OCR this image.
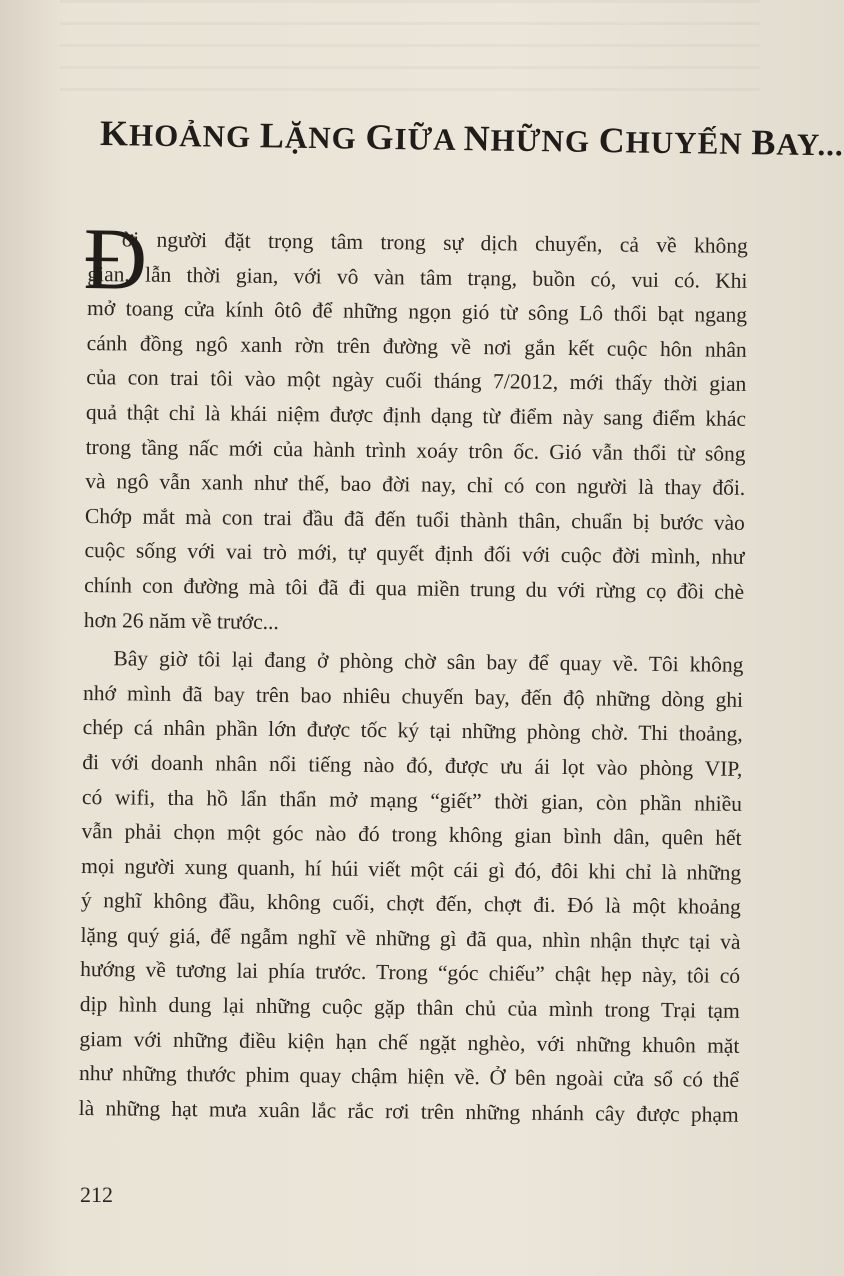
KHOẢNG LẶNG GIỮA NHỮNG CHUYẾN BAY...
Đ
ời người đặt trọng tâm trong sự dịch chuyển, cả về không
gian, lẫn thời gian, với vô vàn tâm trạng, buồn có, vui có. Khi
mở toang cửa kính ôtô để những ngọn gió từ sông Lô thổi bạt ngang
cánh đồng ngô xanh rờn trên đường về nơi gắn kết cuộc hôn nhân
của con trai tôi vào một ngày cuối tháng 7/2012, mới thấy thời gian
quả thật chỉ là khái niệm được định dạng từ điểm này sang điểm khác
trong tầng nấc mới của hành trình xoáy trôn ốc. Gió vẫn thổi từ sông
và ngô vẫn xanh như thế, bao đời nay, chỉ có con người là thay đổi.
Chớp mắt mà con trai đầu đã đến tuổi thành thân, chuẩn bị bước vào
cuộc sống với vai trò mới, tự quyết định đối với cuộc đời mình, như
chính con đường mà tôi đã đi qua miền trung du với rừng cọ đồi chè
hơn 26 năm về trước...
Bây giờ tôi lại đang ở phòng chờ sân bay để quay về. Tôi không
nhớ mình đã bay trên bao nhiêu chuyến bay, đến độ những dòng ghi
chép cá nhân phần lớn được tốc ký tại những phòng chờ. Thi thoảng,
đi với doanh nhân nổi tiếng nào đó, được ưu ái lọt vào phòng VIP,
có wifi, tha hồ lẩn thẩn mở mạng “giết” thời gian, còn phần nhiều
vẫn phải chọn một góc nào đó trong không gian bình dân, quên hết
mọi người xung quanh, hí húi viết một cái gì đó, đôi khi chỉ là những
ý nghĩ không đầu, không cuối, chợt đến, chợt đi. Đó là một khoảng
lặng quý giá, để ngẫm nghĩ về những gì đã qua, nhìn nhận thực tại và
hướng về tương lai phía trước. Trong “góc chiếu” chật hẹp này, tôi có
dịp hình dung lại những cuộc gặp thân chủ của mình trong Trại tạm
giam với những điều kiện hạn chế ngặt nghèo, với những khuôn mặt
như những thước phim quay chậm hiện về. Ở bên ngoài cửa sổ có thể
là những hạt mưa xuân lắc rắc rơi trên những nhánh cây được phạm
212
